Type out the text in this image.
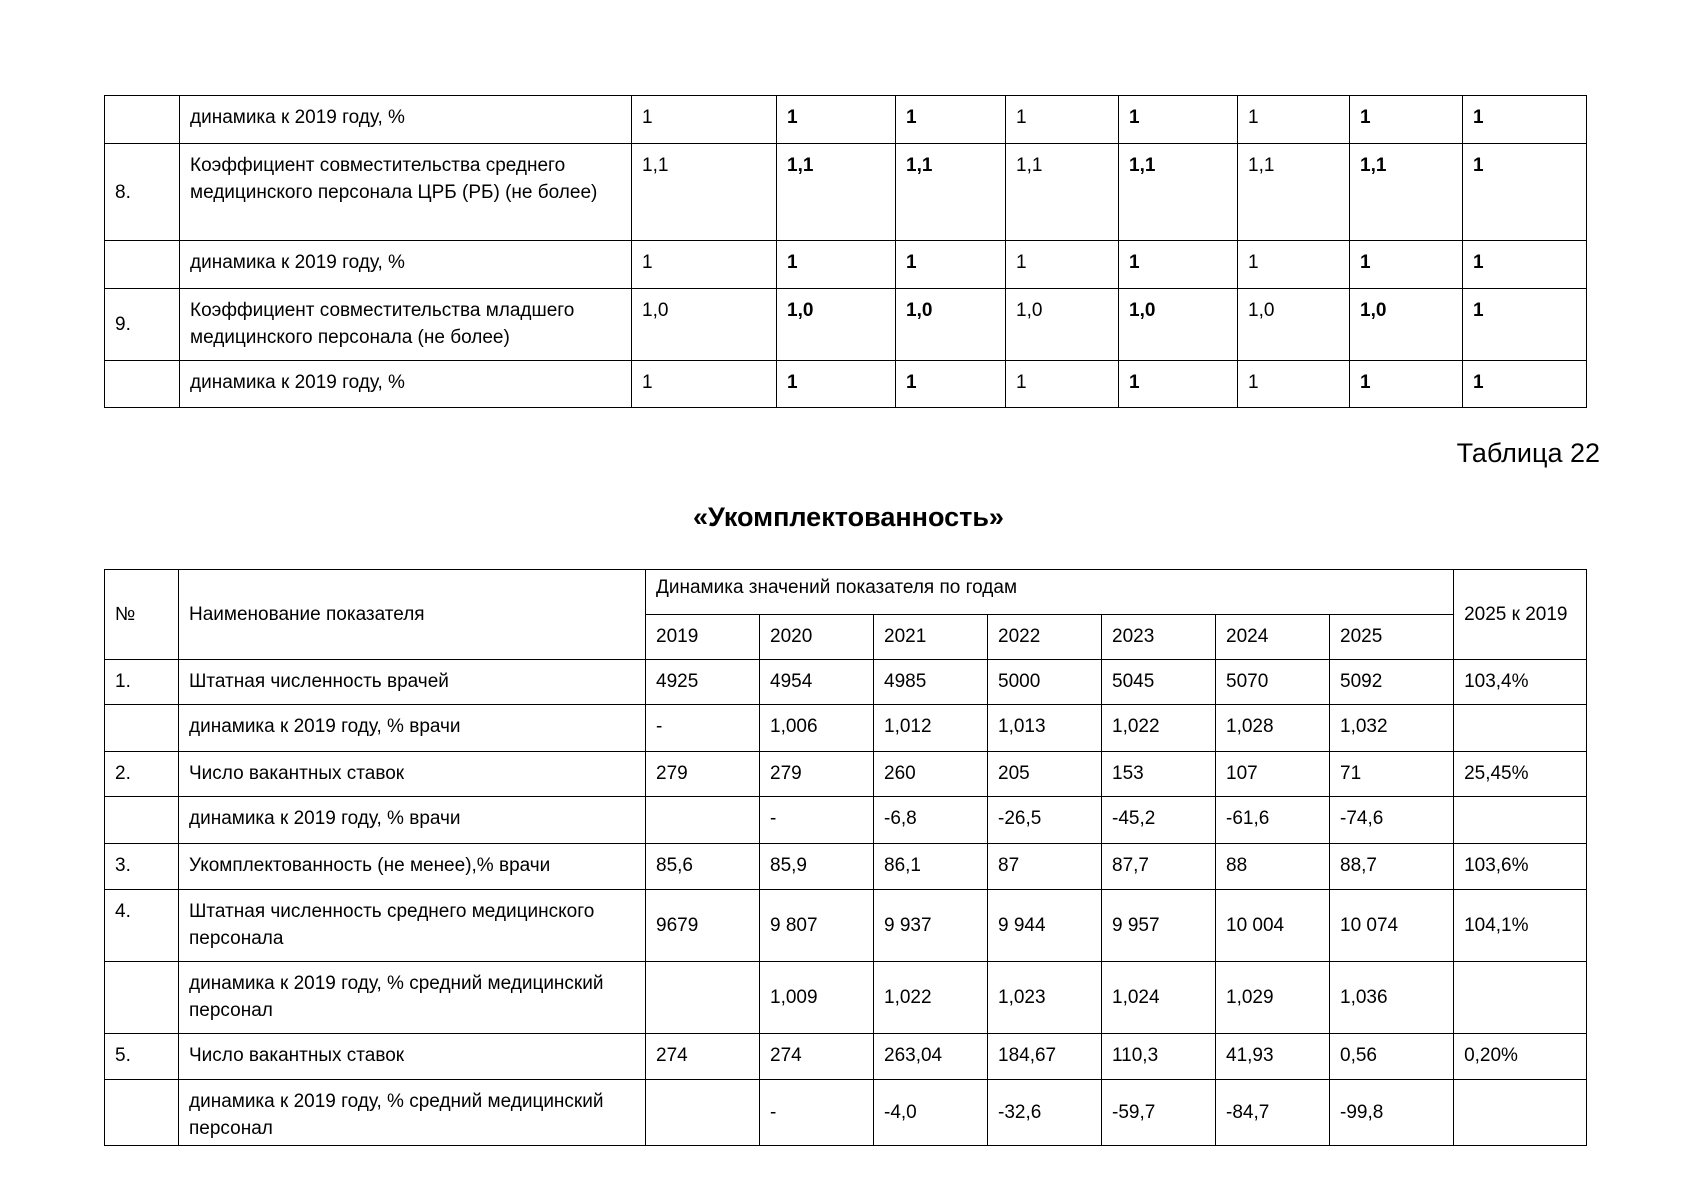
	динамика к 2019 году, %	1	1	1	1	1	1	1	1
8.	Коэффициент совместительства среднего медицинского персонала ЦРБ (РБ) (не более)	1,1	1,1	1,1	1,1	1,1	1,1	1,1	1
	динамика к 2019 году, %	1	1	1	1	1	1	1	1
9.	Коэффициент совместительства младшего медицинского персонала (не более)	1,0	1,0	1,0	1,0	1,0	1,0	1,0	1
	динамика к 2019 году, %	1	1	1	1	1	1	1	1
Таблица 22
«Укомплектованность»
№	Наименование показателя	Динамика значений показателя по годам							2025 к 2019
		2019	2020	2021	2022	2023	2024	2025	
1.	Штатная численность врачей	4925	4954	4985	5000	5045	5070	5092	103,4%
	динамика к 2019 году, % врачи	-	1,006	1,012	1,013	1,022	1,028	1,032	
2.	Число вакантных ставок	279	279	260	205	153	107	71	25,45%
	динамика к 2019 году, % врачи		-	-6,8	-26,5	-45,2	-61,6	-74,6	
3.	Укомплектованность (не менее),% врачи	85,6	85,9	86,1	87	87,7	88	88,7	103,6%
4.	Штатная численность среднего медицинского персонала	9679	9 807	9 937	9 944	9 957	10 004	10 074	104,1%
	динамика к 2019 году, % средний медицинский персонал		1,009	1,022	1,023	1,024	1,029	1,036	
5.	Число вакантных ставок	274	274	263,04	184,67	110,3	41,93	0,56	0,20%
	динамика к 2019 году, % средний медицинский персонал		-	-4,0	-32,6	-59,7	-84,7	-99,8	
